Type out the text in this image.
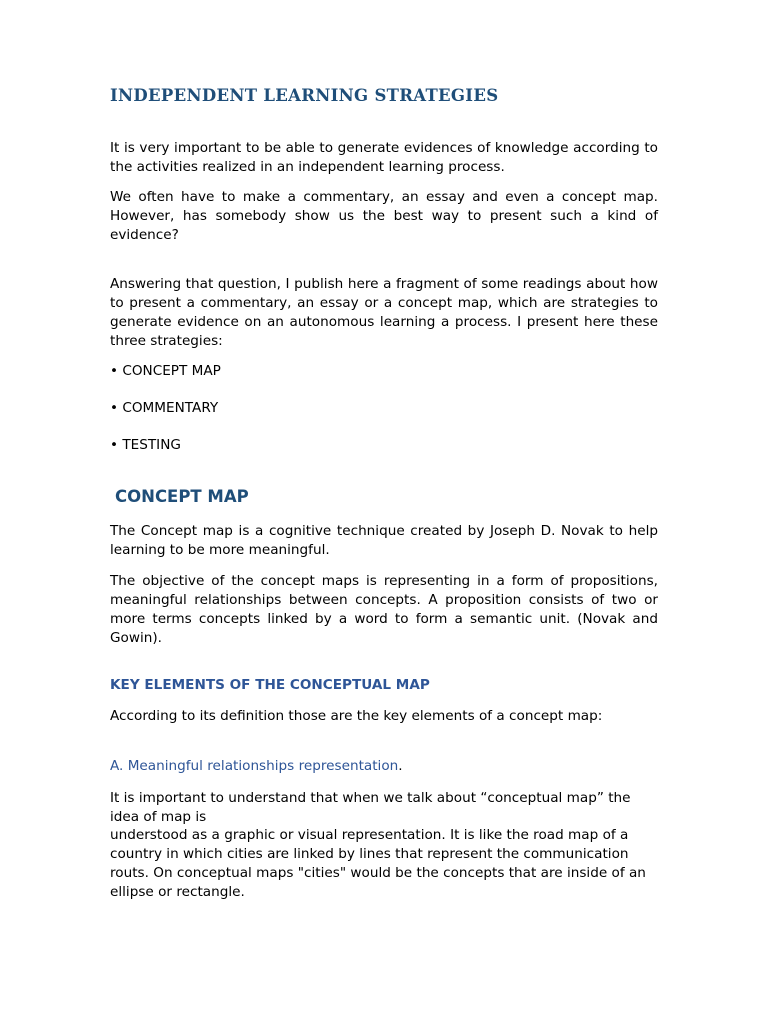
INDEPENDENT LEARNING STRATEGIES

It is very important to be able to generate evidences of knowledge according to the activities realized in an independent learning process.

We often have to make a commentary, an essay and even a concept map. However, has somebody show us the best way to present such a kind of evidence?

Answering that question, I publish here a fragment of some readings about how to present a commentary, an essay or a concept map, which are strategies to generate evidence on an autonomous learning a process. I present here these three strategies:

• CONCEPT MAP
• COMMENTARY
• TESTING
CONCEPT MAP

The Concept map is a cognitive technique created by Joseph D. Novak to help learning to be more meaningful.

The objective of the concept maps is representing in a form of propositions, meaningful relationships between concepts. A proposition consists of two or more terms concepts linked by a word to form a semantic unit. (Novak and Gowin).

KEY ELEMENTS OF THE CONCEPTUAL MAP

According to its definition those are the key elements of a concept map:

A. Meaningful relationships representation.

It is important to understand that when we talk about “conceptual map” the idea of map is

understood as a graphic or visual representation. It is like the road map of a country in which cities are linked by lines that represent the communication routs. On conceptual maps "cities" would be the concepts that are inside of an ellipse or rectangle.
